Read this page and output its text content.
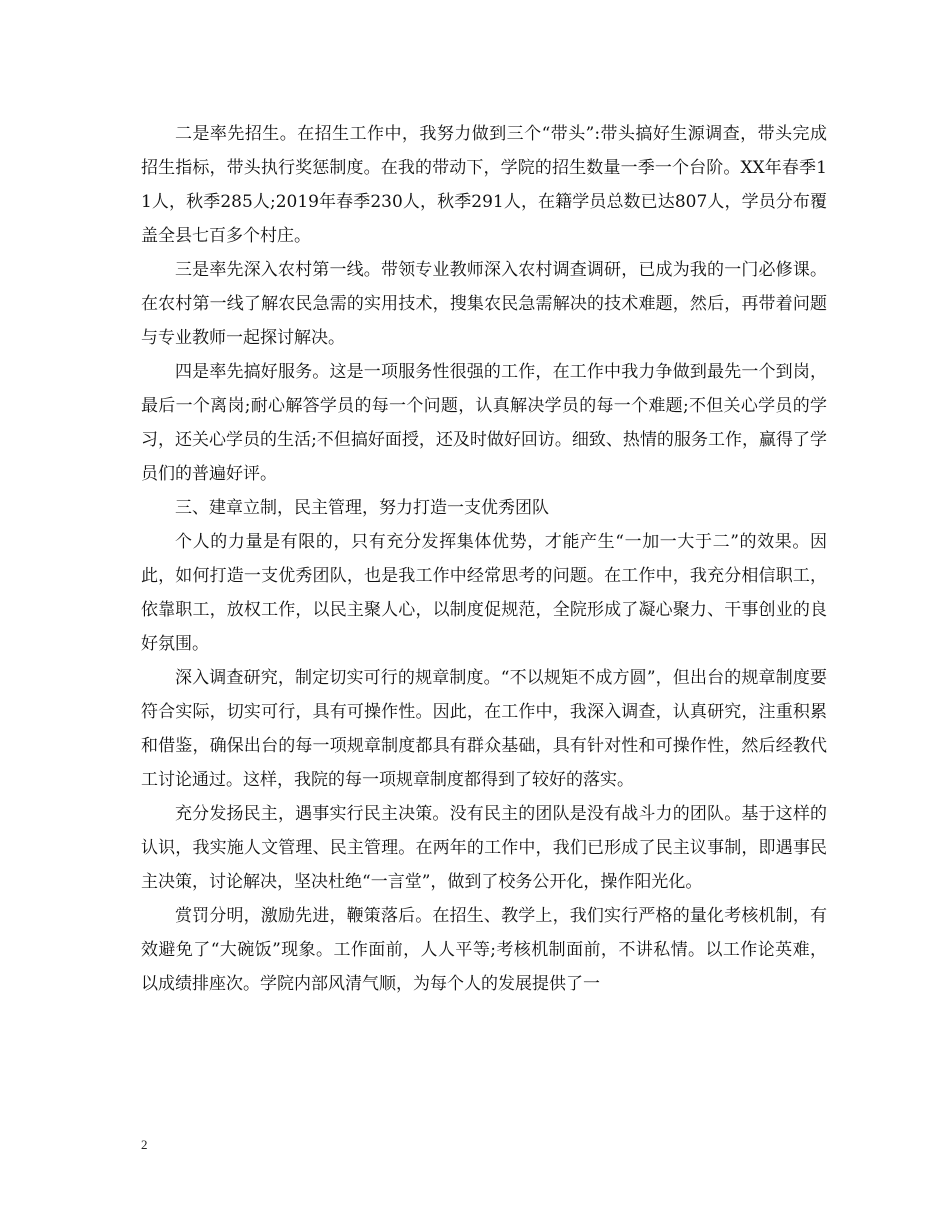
二是率先招生。在招生工作中，我努力做到三个“带头”:带头搞好生源调查，带头完成招生指标，带头执行奖惩制度。在我的带动下，学院的招生数量一季一个台阶。XX年春季11人，秋季285人;2019年春季230人，秋季291人，在籍学员总数已达807人，学员分布覆盖全县七百多个村庄。

三是率先深入农村第一线。带领专业教师深入农村调查调研，已成为我的一门必修课。在农村第一线了解农民急需的实用技术，搜集农民急需解决的技术难题，然后，再带着问题与专业教师一起探讨解决。

四是率先搞好服务。这是一项服务性很强的工作，在工作中我力争做到最先一个到岗，最后一个离岗;耐心解答学员的每一个问题，认真解决学员的每一个难题;不但关心学员的学习，还关心学员的生活;不但搞好面授，还及时做好回访。细致、热情的服务工作，赢得了学员们的普遍好评。

三、建章立制，民主管理，努力打造一支优秀团队

个人的力量是有限的，只有充分发挥集体优势，才能产生“一加一大于二”的效果。因此，如何打造一支优秀团队，也是我工作中经常思考的问题。在工作中，我充分相信职工，依靠职工，放权工作，以民主聚人心，以制度促规范，全院形成了凝心聚力、干事创业的良好氛围。

深入调查研究，制定切实可行的规章制度。“不以规矩不成方圆”，但出台的规章制度要符合实际，切实可行，具有可操作性。因此，在工作中，我深入调查，认真研究，注重积累和借鉴，确保出台的每一项规章制度都具有群众基础，具有针对性和可操作性，然后经教代工讨论通过。这样，我院的每一项规章制度都得到了较好的落实。

充分发扬民主，遇事实行民主决策。没有民主的团队是没有战斗力的团队。基于这样的认识，我实施人文管理、民主管理。在两年的工作中，我们已形成了民主议事制，即遇事民主决策，讨论解决，坚决杜绝“一言堂”，做到了校务公开化，操作阳光化。

赏罚分明，激励先进，鞭策落后。在招生、教学上，我们实行严格的量化考核机制，有效避免了“大碗饭”现象。工作面前，人人平等;考核机制面前，不讲私情。以工作论英难，以成绩排座次。学院内部风清气顺，为每个人的发展提供了一

2
